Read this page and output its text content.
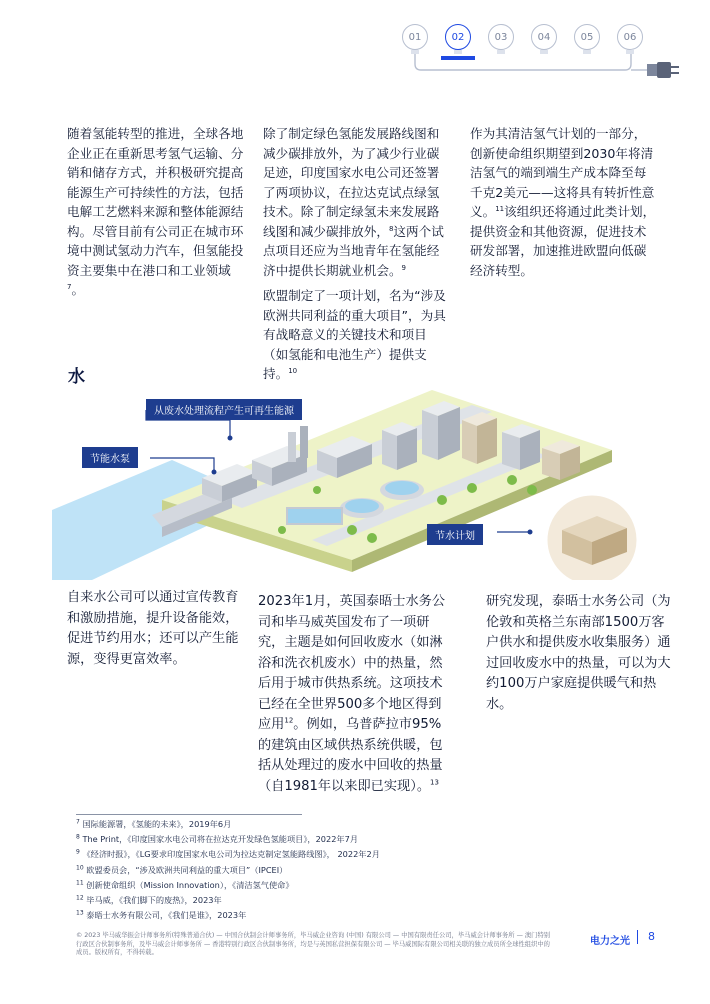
01	02	03	04	05	06

随着氢能转型的推进，全球各地企业正在重新思考氢气运输、分销和储存方式，并积极研究提高能源生产可持续性的方法，包括电解工艺燃料来源和整体能源结构。尽管目前有公司正在城市环境中测试氢动力汽车，但氢能投资主要集中在港口和工业领域$^7$。

除了制定绿色氢能发展路线图和减少碳排放外，为了减少行业碳足迹，印度国家水电公司还签署了两项协议，在拉达克试点绿氢技术。除了制定绿氢未来发展路线图和减少碳排放外，$^8$这两个试点项目还应为当地青年在氢能经济中提供长期就业机会。$^9$

欧盟制定了一项计划，名为“涉及欧洲共同利益的重大项目”，为具有战略意义的关键技术和项目（如氢能和电池生产）提供支持。$^{10}$

作为其清洁氢气计划的一部分，创新使命组织期望到2030年将清洁氢气的端到端生产成本降至每千克2美元——这将具有转折性意义。$^{11}$该组织还将通过此类计划，提供资金和其他资源，促进技术研发部署，加速推进欧盟向低碳经济转型。

水
从废水处理流程产生可再生能源
节能水泵
节水计划

自来水公司可以通过宣传教育和激励措施，提升设备能效，促进节约用水；还可以产生能源，变得更富效率。

2023年1月，英国泰晤士水务公司和毕马威英国发布了一项研究，主题是如何回收废水（如淋浴和洗衣机废水）中的热量，然后用于城市供热系统。这项技术已经在全世界500多个地区得到应用$^{12}$。例如，乌普萨拉市95%的建筑由区域供热系统供暖，包括从处理过的废水中回收的热量（自1981年以来即已实现）。$^{13}$

研究发现，泰晤士水务公司（为伦敦和英格兰东南部1500万客户供水和提供废水收集服务）通过回收废水中的热量，可以为大约100万户家庭提供暖气和热水。

$^7$ 国际能源署，《氢能的未来》，2019年6月
$^8$ The Print，《印度国家水电公司将在拉达克开发绿色氢能项目》，2022年7月
$^9$ 《经济时报》，《LG要求印度国家水电公司为拉达克制定氢能路线图》， 2022年2月
$^{10}$ 欧盟委员会，“涉及欧洲共同利益的重大项目”（IPCEI）
$^{11}$ 创新使命组织（Mission Innovation），《清洁氢气使命》
$^{12}$ 毕马威，《我们脚下的废热》，2023年
$^{13}$ 泰晤士水务有限公司，《我们是谁》，2023年
© 2023 毕马威华振会计师事务所(特殊普通合伙) — 中国合伙制会计师事务所，毕马威企业咨询 (中国) 有限公司 — 中国有限责任公司，毕马威会计师事务所 — 澳门特别行政区合伙制事务所，及毕马威会计师事务所 — 香港特别行政区合伙制事务所，均是与英国私营担保有限公司 — 毕马威国际有限公司相关联的独立成员所全球性组织中的成员。版权所有，不得转载。
电力之光 8
